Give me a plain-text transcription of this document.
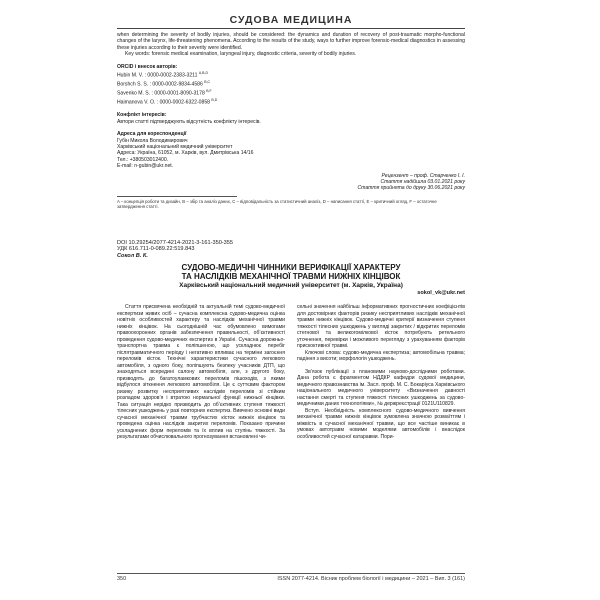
СУДОВА МЕДИЦИНА

when determining the severity of bodily injuries, should be considered: the dynamics and duration of recovery of post-traumatic morpho-functional changes of the larynx, life-threatening phenomena. According to the results of the study, ways to further improve forensic-medical diagnostics in assessing these injuries according to their severity were identified.

Key words: forensic medical examination, laryngeal injury, diagnostic criteria, severity of bodily injuries.

ORCID і внесок авторів:

Hubin M. V. : 0000-0002-2383-3211 $^{A,B,D}$
Borshch S. S. : 0000-0002-9834-4586 $^{B,C}$
Savenko M. S. : 0000-0001-8090-3178 $^{B,F}$
Haimanova V. O. : 0000-0002-6322-0858 $^{B,D}$

Конфлікт інтересів:

Автори статті підтверджують відсутність конфлікту інтересів.

Адреса для кореспонденції

Губін Микола Володимирович

Харківський національний медичний університет

Адреса: Україна, 61052, м. Харків, вул. Дмитрівська 14/16

Тел.: +380503012400.

E-mail: n-gubin@ukr.net.

Рецензент – проф. Старченко І. І.

Стаття надійшла 03.01.2021 року

Стаття прийнята до друку 30.06.2021 року

A – концепція роботи та дизайн, B – збір та аналіз даних, C – відповідальність за статистичний аналіз, D – написання статті, E – критичний огляд, F – остаточне затвердження статті.

DOI 10.29254/2077-4214-2021-3-161-350-355

УДК 616.711-0-089.22:519.843

Сокол В. К.

СУДОВО-МЕДИЧНІ ЧИННИКИ ВЕРИФІКАЦІЇ ХАРАКТЕРУ
ТА НАСЛІДКІВ МЕХАНІЧНОЇ ТРАВМИ НИЖНІХ КІНЦІВОК
Харківський національний медичний університет (м. Харків, Україна)

sokol_vk@ukr.net

Стаття присвячена необхідній та актуальній темі судово-медичної експертизи живих осіб – сучасна комплексна судово-медична оцінка новітніх особливостей характеру та наслідків механічної травми нижніх кінцівок. На сьогоднішній час обумовлено вимогами правоохоронних органів забезпечення правильності, об’єктивності проведення судово-медичних експертиз в Україні. Сучасна дорожньо-транспортна травма є поліпшеною, що ускладнює перебіг післятравматичного періоду і негативно впливає на терміни загоєння переломів кісток. Технічні характеристики сучасного легкового автомобіля, з одного боку, поліпшують безпеку учасників ДТП, що знаходяться всередині салону автомобіля, але, з другого боку, призводять до багатоуламкових переломів пішоходів, з якими відбулося зіткнення легкового автомобіля. Це є суттєвим фактором ризику розвитку несприятливих наслідків переломів зі стійким розладом здоров’я і втратою нормальної функції нижньої кінцівки. Така ситуація нерідко призводить до об’єктивних ступеня тяжкості тілесних ушкоджень у разі повторних експертиз. Вивчено основні види сучасної механічної травми трубчастих кісток нижніх кінцівок та проведена оцінка наслідків закритих переломів. Показано причини ускладнених форм переломів та їх вплив на ступінь тяжкості. За результатами обчислювального прогнозування встановлені чи-

сельні значення найбільш інформативних прогностичних коефіцієнтів для достовірних факторів ризику несприятливих наслідків механічної травми нижніх кінцівок. Судово-медичні критерії визначення ступеня тяжкості тілесних ушкоджень у вигляді закритих / відкритих переломів стегнової та великогомілкової кісток потребують ретельного уточнення, перевірки і можливого перегляду з урахуванням факторів прискоктивної травмі.

Ключові слова: судово-медична експертиза; автомобільна травма; падіння з висоти; морфологія ушкоджень.

Зв’язок публікації з плановими науково-дослідними роботами. Дана робота є фрагментом НДДКР кафедри судової медицини, медичного правознавства ім. Засл. проф. М. С. Бокаріуса Харківського національного медичного університету «Визначення давності настання смерті та ступеня тяжкості тілесних ушкоджень за судово-медичними даних технологіями», № держреєстрації 0121U110829.

Вступ. Необхідність комплексного судово-медичного вивчення механічної травми нижніх кінцівок зумовлена значною розмаїттям і міжвість в сучасної механічної травми, що все частіше виникає в умовах автотравм новими моделями автомобілів і внаслідок особливостей сучасної катаравми. Пори-

350	ISSN 2077-4214. Вісник проблем біології і медицини – 2021 – Вип. 3 (161)
